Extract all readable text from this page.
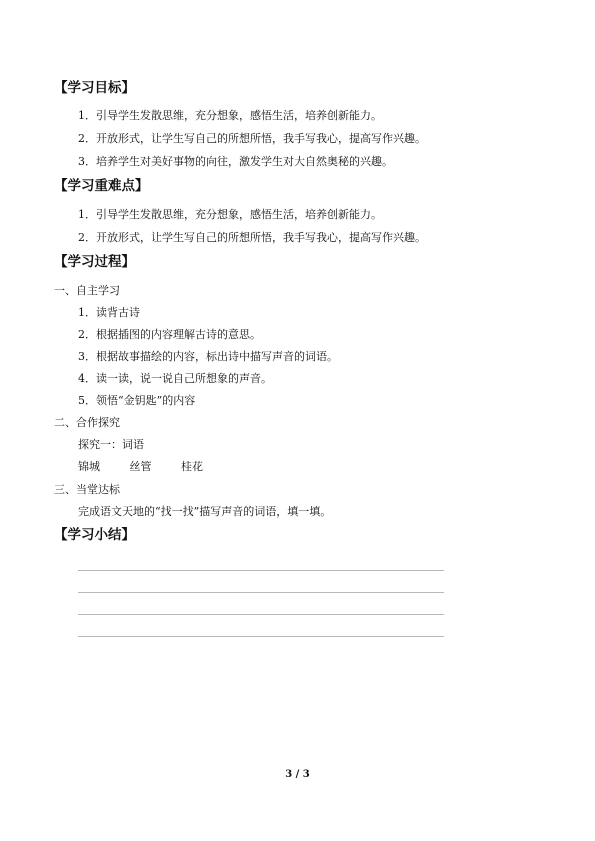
【学习目标】
1．引导学生发散思维，充分想象，感悟生活，培养创新能力。
2．开放形式，让学生写自己的所想所悟，我手写我心，提高写作兴趣。
3．培养学生对美好事物的向往，激发学生对大自然奥秘的兴趣。
【学习重难点】
1．引导学生发散思维，充分想象，感悟生活，培养创新能力。
2．开放形式，让学生写自己的所想所悟，我手写我心，提高写作兴趣。
【学习过程】
一、自主学习
1．读背古诗
2．根据插图的内容理解古诗的意思。
3．根据故事描绘的内容，标出诗中描写声音的词语。
4．读一读，说一说自己所想象的声音。
5．领悟“金钥匙”的内容
二、合作探究
探究一：词语
锦城	丝管	桂花
三、当堂达标
完成语文天地的“找一找”描写声音的词语，填一填。
【学习小结】
3 / 3
